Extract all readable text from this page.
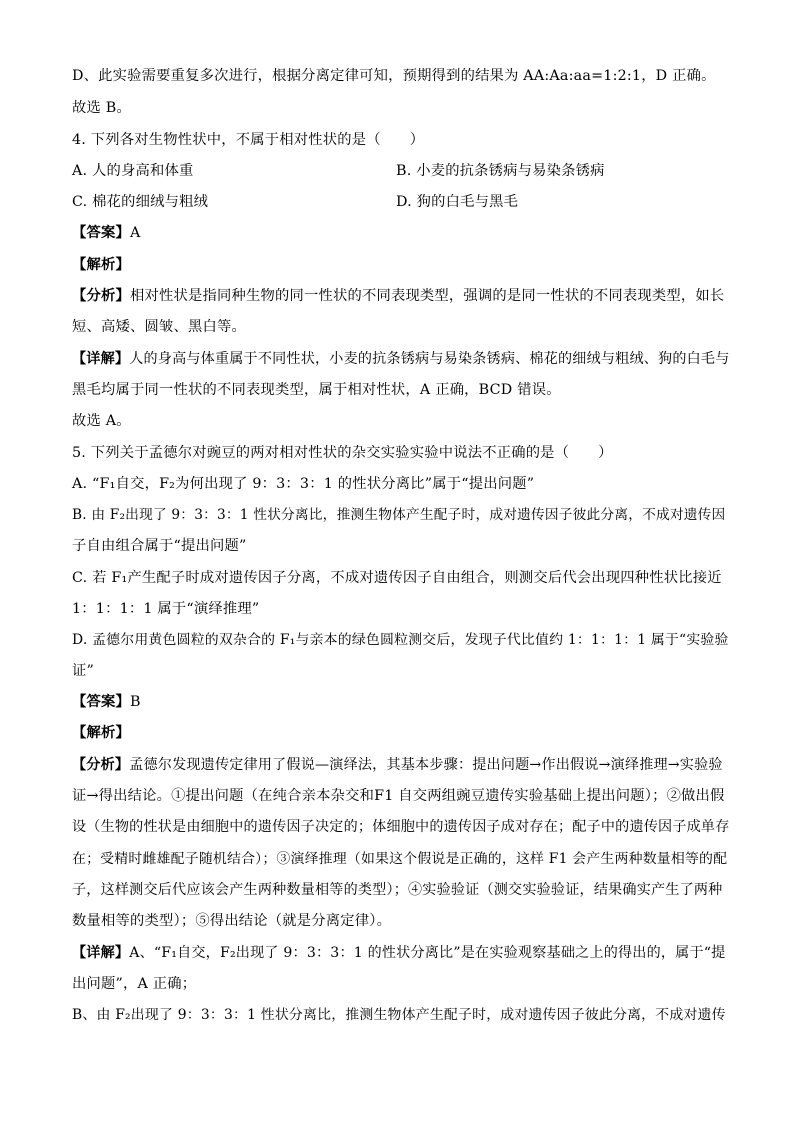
D、此实验需要重复多次进行，根据分离定律可知，预期得到的结果为 AA:Aa:aa=1:2:1，D 正确。
故选 B。
4. 下列各对生物性状中，不属于相对性状的是（　　）
A. 人的身高和体重	B. 小麦的抗条锈病与易染条锈病
C. 棉花的细绒与粗绒	D. 狗的白毛与黑毛
【答案】A
【解析】
【分析】相对性状是指同种生物的同一性状的不同表现类型，强调的是同一性状的不同表现类型，如长
短、高矮、圆皱、黑白等。
【详解】人的身高与体重属于不同性状，小麦的抗条锈病与易染条锈病、棉花的细绒与粗绒、狗的白毛与
黑毛均属于同一性状的不同表现类型，属于相对性状，A 正确，BCD 错误。
故选 A。
5. 下列关于孟德尔对豌豆的两对相对性状的杂交实验实验中说法不正确的是（　　）
A. “F₁自交，F₂为何出现了 9：3：3：1 的性状分离比”属于“提出问题”
B. 由 F₂出现了 9：3：3：1 性状分离比，推测生物体产生配子时，成对遗传因子彼此分离，不成对遗传因
子自由组合属于“提出问题”
C. 若 F₁产生配子时成对遗传因子分离，不成对遗传因子自由组合，则测交后代会出现四种性状比接近
1：1：1：1 属于“演绎推理”
D. 孟德尔用黄色圆粒的双杂合的 F₁与亲本的绿色圆粒测交后，发现子代比值约 1：1：1：1 属于“实验验
证”
【答案】B
【解析】
【分析】孟德尔发现遗传定律用了假说—演绎法，其基本步骤：提出问题→作出假说→演绎推理→实验验
证→得出结论。①提出问题（在纯合亲本杂交和F1 自交两组豌豆遗传实验基础上提出问题）；②做出假
设（生物的性状是由细胞中的遗传因子决定的；体细胞中的遗传因子成对存在；配子中的遗传因子成单存
在；受精时雌雄配子随机结合）；③演绎推理（如果这个假说是正确的，这样 F1 会产生两种数量相等的配
子，这样测交后代应该会产生两种数量相等的类型）；④实验验证（测交实验验证，结果确实产生了两种
数量相等的类型）；⑤得出结论（就是分离定律）。
【详解】A、“F₁自交，F₂出现了 9：3：3：1 的性状分离比”是在实验观察基础之上的得出的，属于“提
出问题”，A 正确；
B、由 F₂出现了 9：3：3：1 性状分离比，推测生物体产生配子时，成对遗传因子彼此分离，不成对遗传
